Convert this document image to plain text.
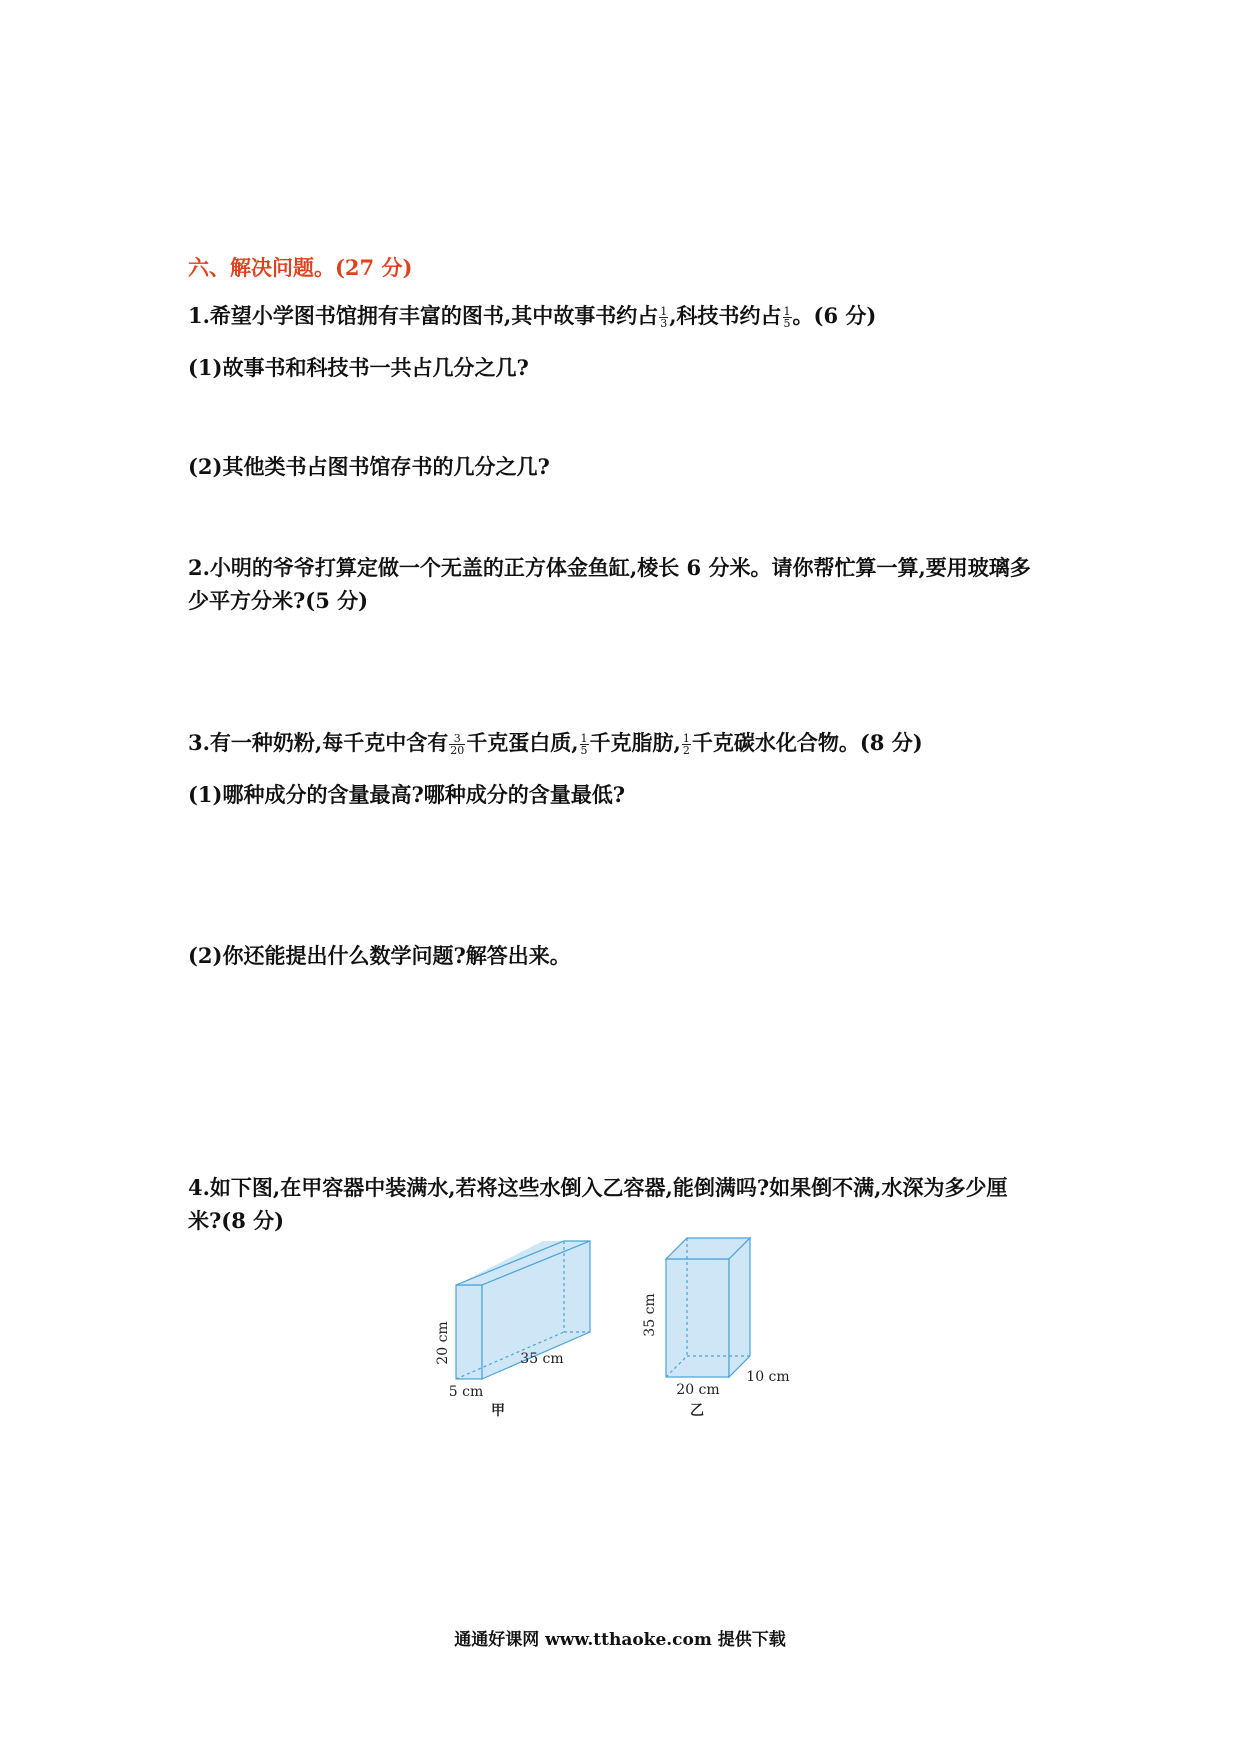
六、解决问题。(27 分)
1.希望小学图书馆拥有丰富的图书,其中故事书约占 $\frac{1}{3}$ ,科技书约占 $\frac{1}{5}$ 。(6 分)
(1)故事书和科技书一共占几分之几?
(2)其他类书占图书馆存书的几分之几?
2.小明的爷爷打算定做一个无盖的正方体金鱼缸,棱长 6 分米。请你帮忙算一算,要用玻璃多
少平方分米?(5 分)
3.有一种奶粉,每千克中含有 $\frac{3}{20}$ 千克蛋白质, $\frac{1}{5}$ 千克脂肪, $\frac{1}{2}$ 千克碳水化合物。(8 分)
(1)哪种成分的含量最高?哪种成分的含量最低?
(2)你还能提出什么数学问题?解答出来。
4.如下图,在甲容器中装满水,若将这些水倒入乙容器,能倒满吗?如果倒不满,水深为多少厘
米?(8 分)
20 cm	35 cm
5 cm
甲
35 cm
20 cm
10 cm
乙
通通好课网 www.tthaoke.com 提供下载
